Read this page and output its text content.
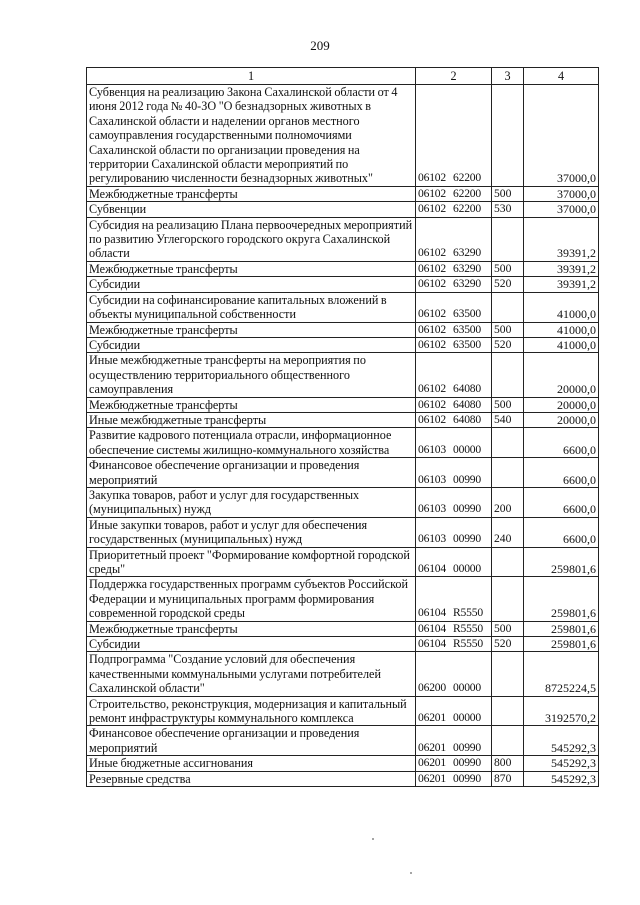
209
1	2	3	4
Субвенция на реализацию Закона Сахалинской области от 4 июня 2012 года № 40-ЗО "О безнадзорных животных в Сахалинской области и наделении органов местного самоуправления государственными полномочиями Сахалинской области по организации проведения на территории Сахалинской области мероприятий по регулированию численности безнадзорных животных"	06102 62200		37000,0
Межбюджетные трансферты	06102 62200	500	37000,0
Субвенции	06102 62200	530	37000,0
Субсидия на реализацию Плана первоочередных мероприятий по развитию Углегорского городского округа Сахалинской области	06102 63290		39391,2
Межбюджетные трансферты	06102 63290	500	39391,2
Субсидии	06102 63290	520	39391,2
Субсидии на софинансирование капитальных вложений в объекты муниципальной собственности	06102 63500		41000,0
Межбюджетные трансферты	06102 63500	500	41000,0
Субсидии	06102 63500	520	41000,0
Иные межбюджетные трансферты на мероприятия по осуществлению территориального общественного самоуправления	06102 64080		20000,0
Межбюджетные трансферты	06102 64080	500	20000,0
Иные межбюджетные трансферты	06102 64080	540	20000,0
Развитие кадрового потенциала отрасли, информационное обеспечение системы жилищно-коммунального хозяйства	06103 00000		6600,0
Финансовое обеспечение организации и проведения мероприятий	06103 00990		6600,0
Закупка товаров, работ и услуг для государственных (муниципальных) нужд	06103 00990	200	6600,0
Иные закупки товаров, работ и услуг для обеспечения государственных (муниципальных) нужд	06103 00990	240	6600,0
Приоритетный проект "Формирование комфортной городской среды"	06104 00000		259801,6
Поддержка государственных программ субъектов Российской Федерации и муниципальных программ формирования современной городской среды	06104 R5550		259801,6
Межбюджетные трансферты	06104 R5550	500	259801,6
Субсидии	06104 R5550	520	259801,6
Подпрограмма "Создание условий для обеспечения качественными коммунальными услугами потребителей Сахалинской области"	06200 00000		8725224,5
Строительство, реконструкция, модернизация и капитальный ремонт инфраструктуры коммунального комплекса	06201 00000		3192570,2
Финансовое обеспечение организации и проведения мероприятий	06201 00990		545292,3
Иные бюджетные ассигнования	06201 00990	800	545292,3
Резервные средства	06201 00990	870	545292,3
